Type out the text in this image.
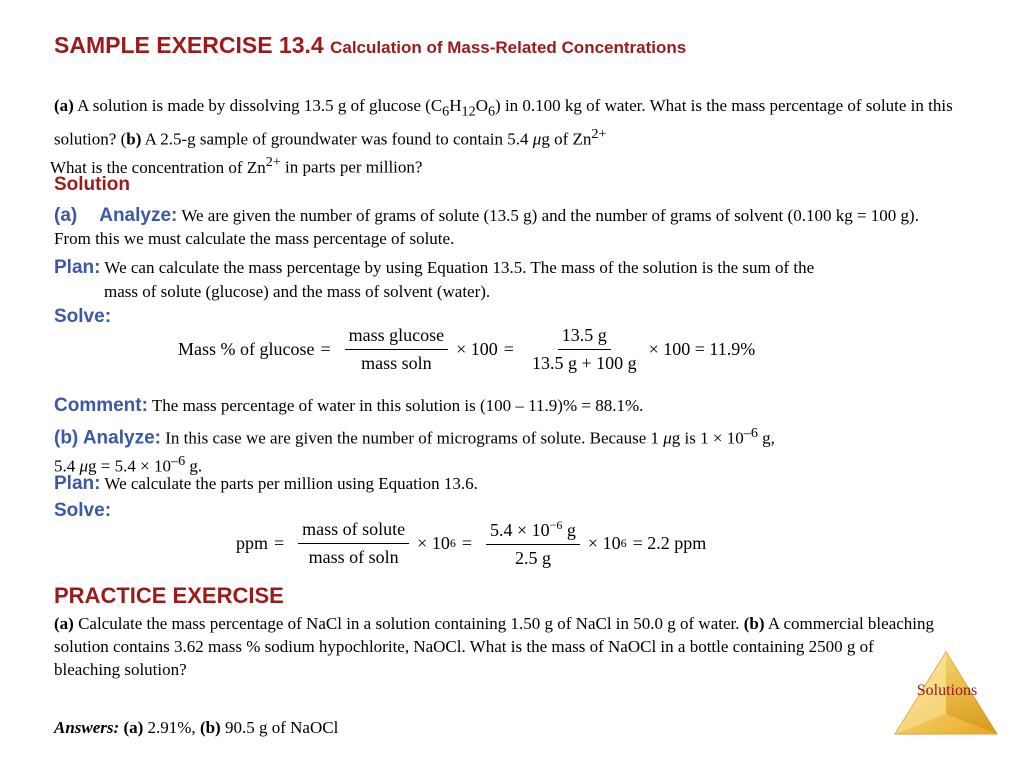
SAMPLE EXERCISE 13.4 Calculation of Mass-Related Concentrations
(a) A solution is made by dissolving 13.5 g of glucose $(C_6H_{12}O_6)$ in 0.100 kg of water. What is the mass percentage of solute in this solution? (b) A 2.5-g sample of groundwater was found to contain 5.4 μg of $Zn^{2+}$
What is the concentration of $Zn^{2+}$ in parts per million?
Solution
(a) Analyze: We are given the number of grams of solute (13.5 g) and the number of grams of solvent (0.100 kg = 100 g). From this we must calculate the mass percentage of solute.
Plan: We can calculate the mass percentage by using Equation 13.5. The mass of the solution is the sum of the
mass of solute (glucose) and the mass of solvent (water).
Solve:
Mass % of $glucose = \frac{\text{mass glucose}}{\text{mass soln}} \times 100 = \frac{13.5 g}{13.5 g + 100 g} \times 100 = 11.9\%$
Comment: The mass percentage of water in this solution is (100 – 11.9)% = 88.1%.
(b) Analyze: In this case we are given the number of micrograms of solute. Because 1 μg is $1 \times 10^{-6}$ g,
5.4 $\mu g = 5.4 \times 10^{-6}$ g.
Plan: We calculate the parts per million using Equation 13.6.
Solve:
ppm = $\frac{\text{mass of solute}}{\text{mass of soln}} \times 10$ $6 = \frac{5.4 \times 10^{-6} g}{2.5 g} \times 10$ 6 = 2.2 ppm
PRACTICE EXERCISE
(a) Calculate the mass percentage of NaCl in a solution containing 1.50 g of NaCl in 50.0 g of water. (b) A commercial bleaching solution contains 3.62 mass % sodium hypochlorite, NaOCl. What is the mass of NaOCl in a bottle containing 2500 g of bleaching solution?
Answers: (a) 2.91%, (b) 90.5 g of NaOCl
Solutions
